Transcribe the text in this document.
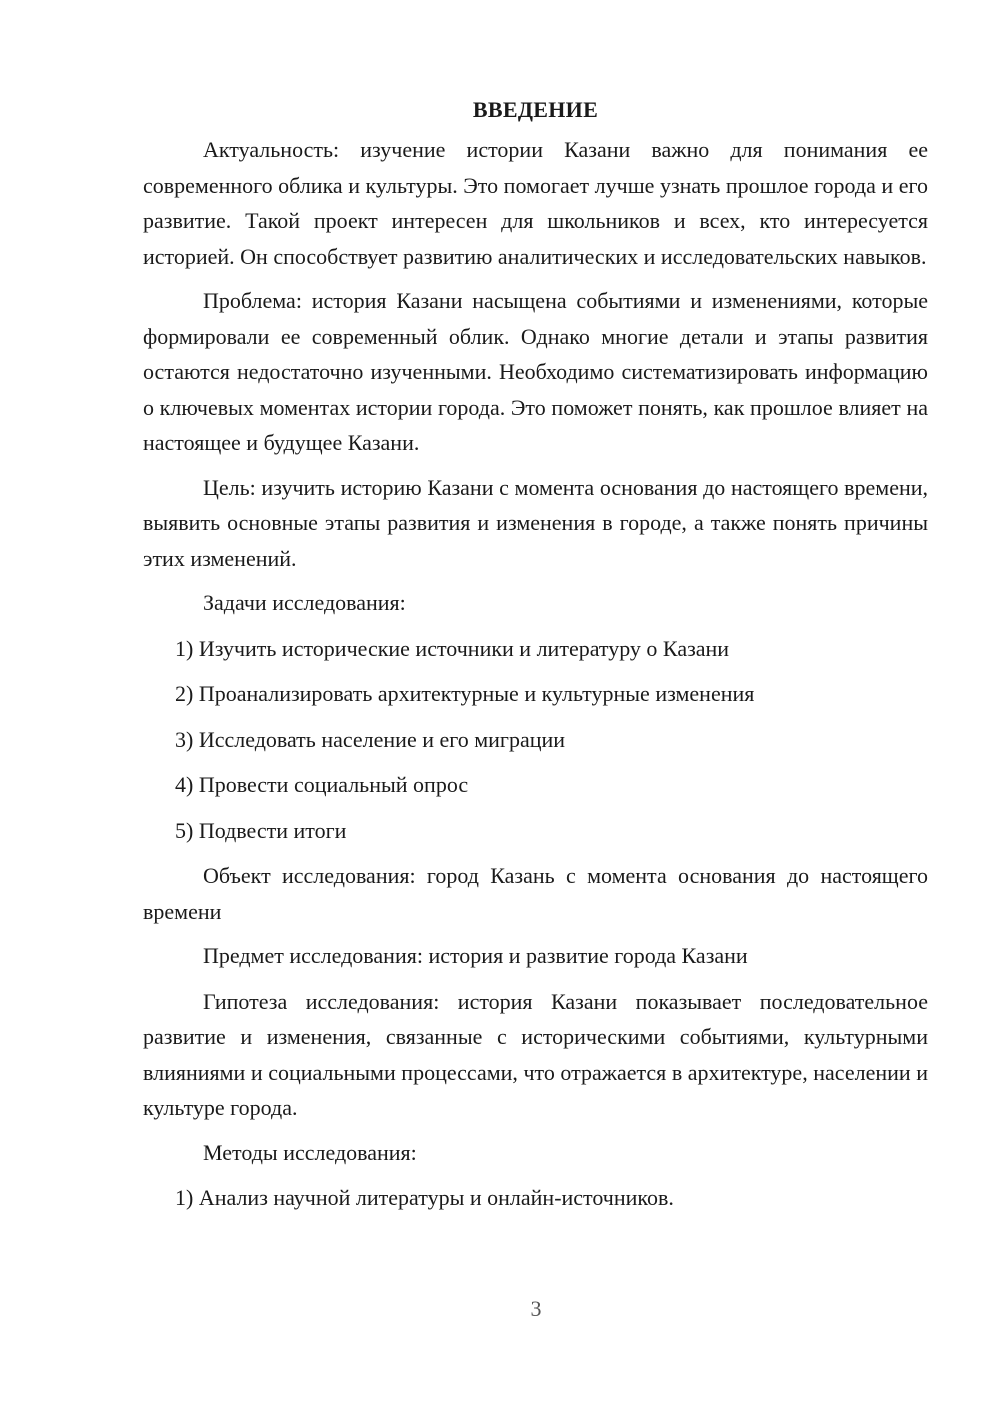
ВВЕДЕНИЕ

Актуальность: изучение истории Казани важно для понимания ее современного облика и культуры. Это помогает лучше узнать прошлое города и его развитие. Такой проект интересен для школьников и всех, кто интересуется историей. Он способствует развитию аналитических и исследовательских навыков.

Проблема: история Казани насыщена событиями и изменениями, которые формировали ее современный облик. Однако многие детали и этапы развития остаются недостаточно изученными. Необходимо систематизировать информацию о ключевых моментах истории города. Это поможет понять, как прошлое влияет на настоящее и будущее Казани.

Цель: изучить историю Казани с момента основания до настоящего времени, выявить основные этапы развития и изменения в городе, а также понять причины этих изменений.

Задачи исследования:

1) Изучить исторические источники и литературу о Казани
2) Проанализировать архитектурные и культурные изменения
3) Исследовать население и его миграции
4) Провести социальный опрос
5) Подвести итоги

Объект исследования: город Казань с момента основания до настоящего времени

Предмет исследования: история и развитие города Казани

Гипотеза исследования: история Казани показывает последовательное развитие и изменения, связанные с историческими событиями, культурными влияниями и социальными процессами, что отражается в архитектуре, населении и культуре города.

Методы исследования:

1) Анализ научной литературы и онлайн-источников.
3
